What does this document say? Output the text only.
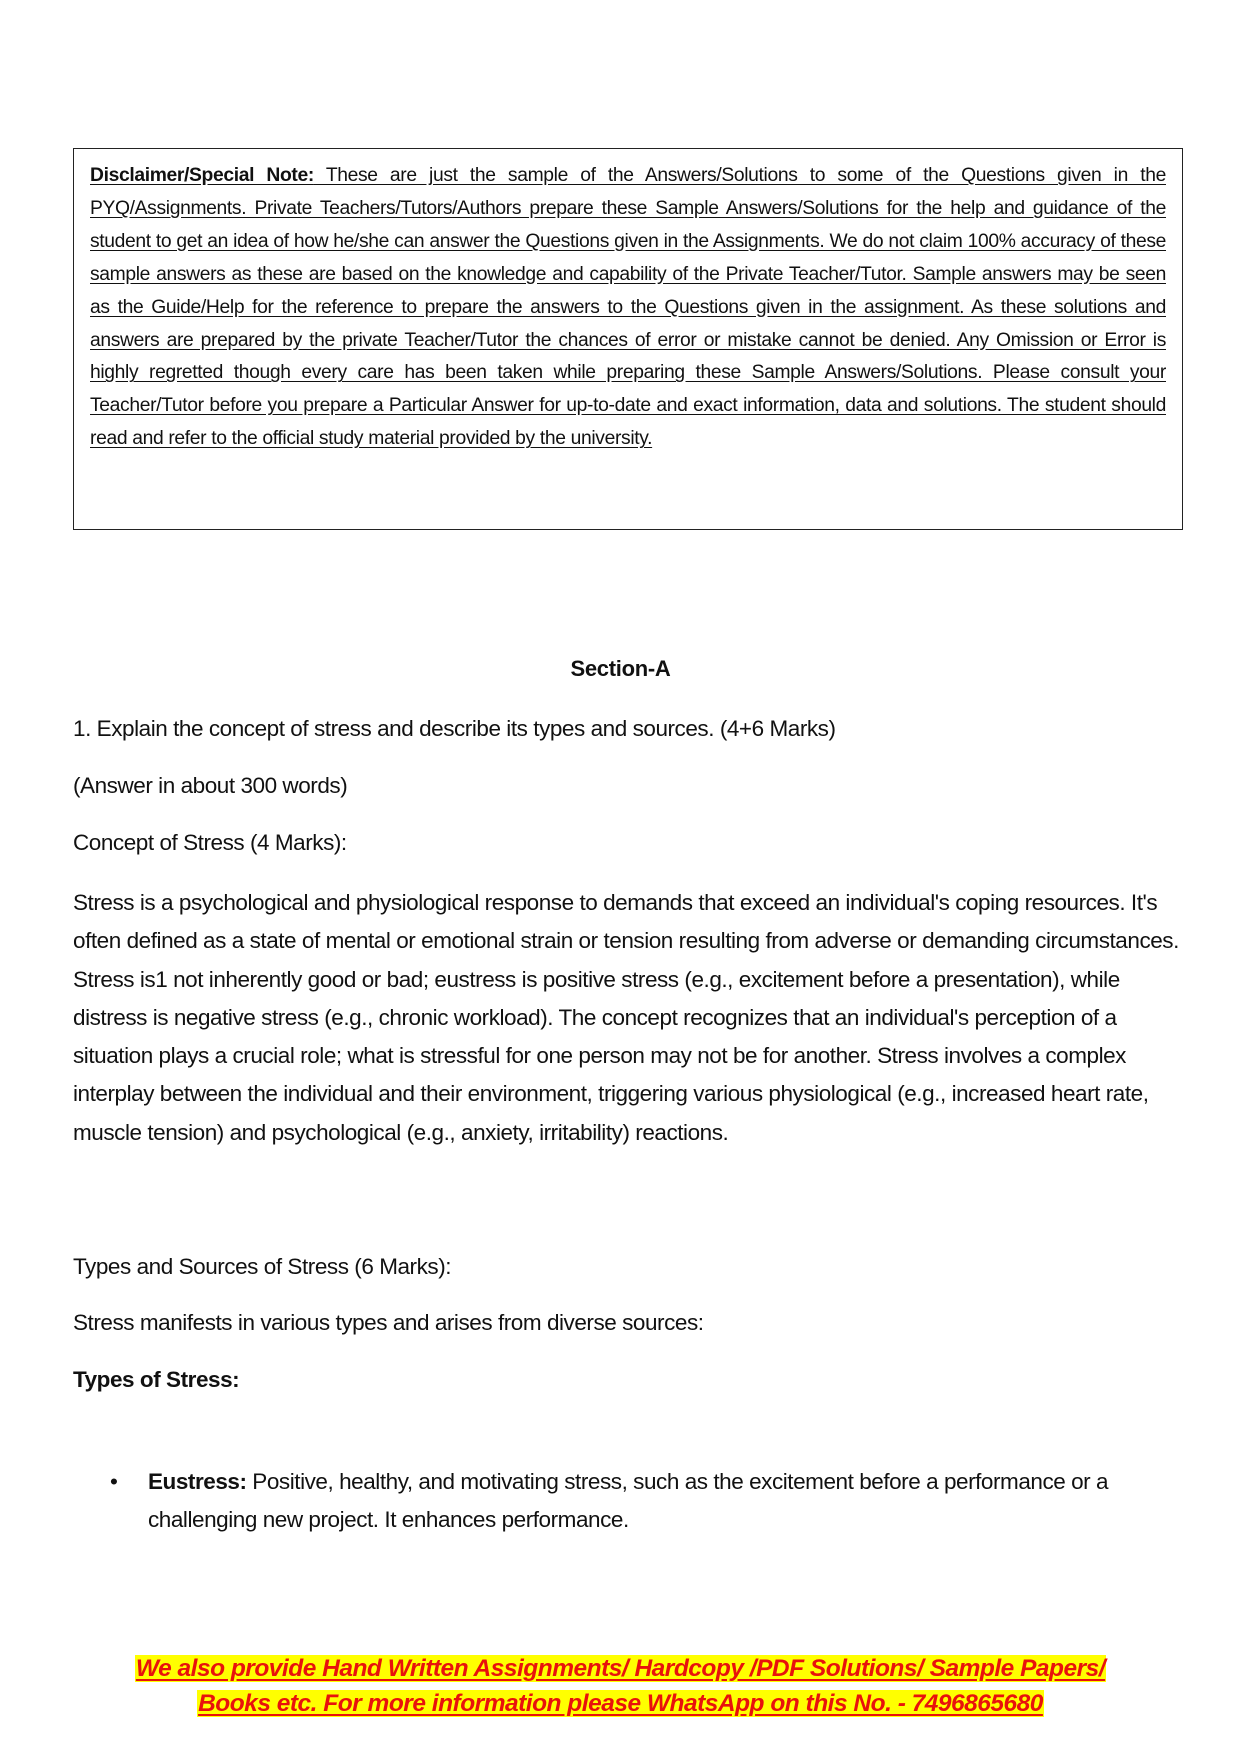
Disclaimer/Special Note: These are just the sample of the Answers/Solutions to some of the Questions given in the PYQ/Assignments. Private Teachers/Tutors/Authors prepare these Sample Answers/Solutions for the help and guidance of the student to get an idea of how he/she can answer the Questions given in the Assignments. We do not claim 100% accuracy of these sample answers as these are based on the knowledge and capability of the Private Teacher/Tutor. Sample answers may be seen as the Guide/Help for the reference to prepare the answers to the Questions given in the assignment. As these solutions and answers are prepared by the private Teacher/Tutor the chances of error or mistake cannot be denied. Any Omission or Error is highly regretted though every care has been taken while preparing these Sample Answers/Solutions. Please consult your Teacher/Tutor before you prepare a Particular Answer for up-to-date and exact information, data and solutions. The student should read and refer to the official study material provided by the university.
Section-A
1. Explain the concept of stress and describe its types and sources. (4+6 Marks)
(Answer in about 300 words)
Concept of Stress (4 Marks):
Stress is a psychological and physiological response to demands that exceed an individual's coping resources. It's often defined as a state of mental or emotional strain or tension resulting from adverse or demanding circumstances. Stress is1 not inherently good or bad; eustress is positive stress (e.g., excitement before a presentation), while distress is negative stress (e.g., chronic workload). The concept recognizes that an individual's perception of a situation plays a crucial role; what is stressful for one person may not be for another. Stress involves a complex interplay between the individual and their environment, triggering various physiological (e.g., increased heart rate, muscle tension) and psychological (e.g., anxiety, irritability) reactions.
Types and Sources of Stress (6 Marks):
Stress manifests in various types and arises from diverse sources:
Types of Stress:
• Eustress: Positive, healthy, and motivating stress, such as the excitement before a performance or a challenging new project. It enhances performance.
We also provide Hand Written Assignments/ Hardcopy /PDF Solutions/ Sample Papers/
Books etc. For more information please WhatsApp on this No. - 7496865680
